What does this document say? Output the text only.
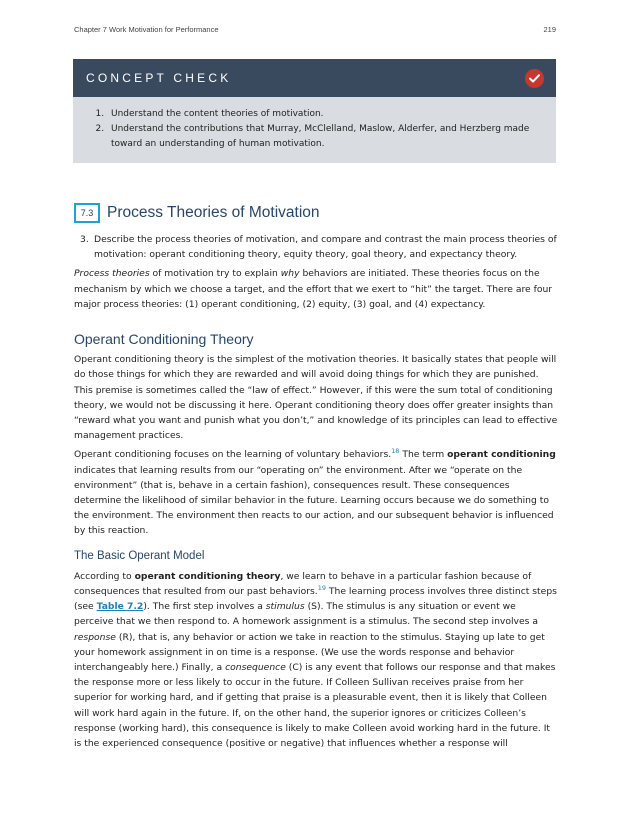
Chapter 7 Work Motivation for Performance	219
CONCEPT CHECK
1. Understand the content theories of motivation.
2. Understand the contributions that Murray, McClelland, Maslow, Alderfer, and Herzberg made toward an understanding of human motivation.
7.3 Process Theories of Motivation
3. Describe the process theories of motivation, and compare and contrast the main process theories of motivation: operant conditioning theory, equity theory, goal theory, and expectancy theory.

Process theories of motivation try to explain why behaviors are initiated. These theories focus on the mechanism by which we choose a target, and the effort that we exert to “hit” the target. There are four major process theories: (1) operant conditioning, (2) equity, (3) goal, and (4) expectancy.

Operant Conditioning Theory

Operant conditioning theory is the simplest of the motivation theories. It basically states that people will do those things for which they are rewarded and will avoid doing things for which they are punished. This premise is sometimes called the “law of effect.” However, if this were the sum total of conditioning theory, we would not be discussing it here. Operant conditioning theory does offer greater insights than “reward what you want and punish what you don’t,” and knowledge of its principles can lead to effective management practices.

Operant conditioning focuses on the learning of voluntary behaviors.$^{18}$ The term operant conditioning indicates that learning results from our “operating on” the environment. After we “operate on the environment” (that is, behave in a certain fashion), consequences result. These consequences determine the likelihood of similar behavior in the future. Learning occurs because we do something to the environment. The environment then reacts to our action, and our subsequent behavior is influenced by this reaction.

The Basic Operant Model

According to operant conditioning theory, we learn to behave in a particular fashion because of consequences that resulted from our past behaviors.$^{19}$ The learning process involves three distinct steps (see Table 7.2). The first step involves a stimulus (S). The stimulus is any situation or event we perceive that we then respond to. A homework assignment is a stimulus. The second step involves a response (R), that is, any behavior or action we take in reaction to the stimulus. Staying up late to get your homework assignment in on time is a response. (We use the words response and behavior interchangeably here.) Finally, a consequence (C) is any event that follows our response and that makes the response more or less likely to occur in the future. If Colleen Sullivan receives praise from her superior for working hard, and if getting that praise is a pleasurable event, then it is likely that Colleen will work hard again in the future. If, on the other hand, the superior ignores or criticizes Colleen’s response (working hard), this consequence is likely to make Colleen avoid working hard in the future. It is the experienced consequence (positive or negative) that influences whether a response will
